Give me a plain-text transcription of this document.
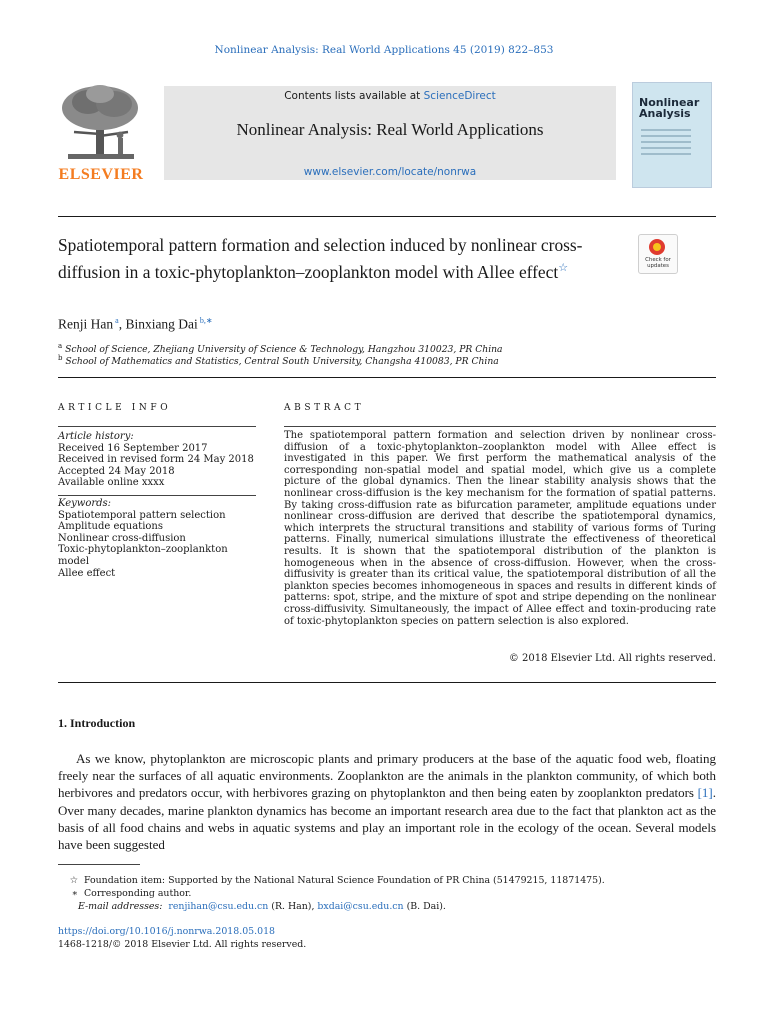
Nonlinear Analysis: Real World Applications 45 (2019) 822–853
ELSEVIER
Contents lists available at ScienceDirect
Nonlinear Analysis: Real World Applications
www.elsevier.com/locate/nonrwa
Nonlinear Analysis
Spatiotemporal pattern formation and selection induced by nonlinear cross-diffusion in a toxic-phytoplankton–zooplankton model with Allee effect☆
Check for
updates
Renji Han $^a$, Binxiang Dai $^{b,∗}$
$^a$ School of Science, Zhejiang University of Science & Technology, Hangzhou 310023, PR China
$^b$ School of Mathematics and Statistics, Central South University, Changsha 410083, PR China
ARTICLE INFO	ABSTRACT
Article history:
Received 16 September 2017
Received in revised form 24 May 2018
Accepted 24 May 2018
Available online xxxx
Keywords:
Spatiotemporal pattern selection
Amplitude equations
Nonlinear cross-diffusion
Toxic-phytoplankton–zooplankton model
Allee effect
The spatiotemporal pattern formation and selection driven by nonlinear cross-diffusion of a toxic-phytoplankton–zooplankton model with Allee effect is investigated in this paper. We first perform the mathematical analysis of the corresponding non-spatial model and spatial model, which give us a complete picture of the global dynamics. Then the linear stability analysis shows that the nonlinear cross-diffusion is the key mechanism for the formation of spatial patterns. By taking cross-diffusion rate as bifurcation parameter, amplitude equations under nonlinear cross-diffusion are derived that describe the spatiotemporal dynamics, which interprets the structural transitions and stability of various forms of Turing patterns. Finally, numerical simulations illustrate the effectiveness of theoretical results. It is shown that the spatiotemporal distribution of the plankton is homogeneous when in the absence of cross-diffusion. However, when the cross-diffusivity is greater than its critical value, the spatiotemporal distribution of all the plankton species becomes inhomogeneous in spaces and results in different kinds of patterns: spot, stripe, and the mixture of spot and stripe depending on the nonlinear cross-diffusivity. Simultaneously, the impact of Allee effect and toxin-producing rate of toxic-phytoplankton species on pattern selection is also explored.
© 2018 Elsevier Ltd. All rights reserved.
1. Introduction
As we know, phytoplankton are microscopic plants and primary producers at the base of the aquatic food web, floating freely near the surfaces of all aquatic environments. Zooplankton are the animals in the plankton community, of which both herbivores and predators occur, with herbivores grazing on phytoplankton and then being eaten by zooplankton predators [1]. Over many decades, marine plankton dynamics has become an important research area due to the fact that plankton act as the basis of all food chains and webs in aquatic systems and play an important role in the ecology of the ocean. Several models have been suggested
☆ Foundation item: Supported by the National Natural Science Foundation of PR China (51479215, 11871475).
∗ Corresponding author.
E-mail addresses: renjihan@csu.edu.cn (R. Han), bxdai@csu.edu.cn (B. Dai).
https://doi.org/10.1016/j.nonrwa.2018.05.018
1468-1218/© 2018 Elsevier Ltd. All rights reserved.
